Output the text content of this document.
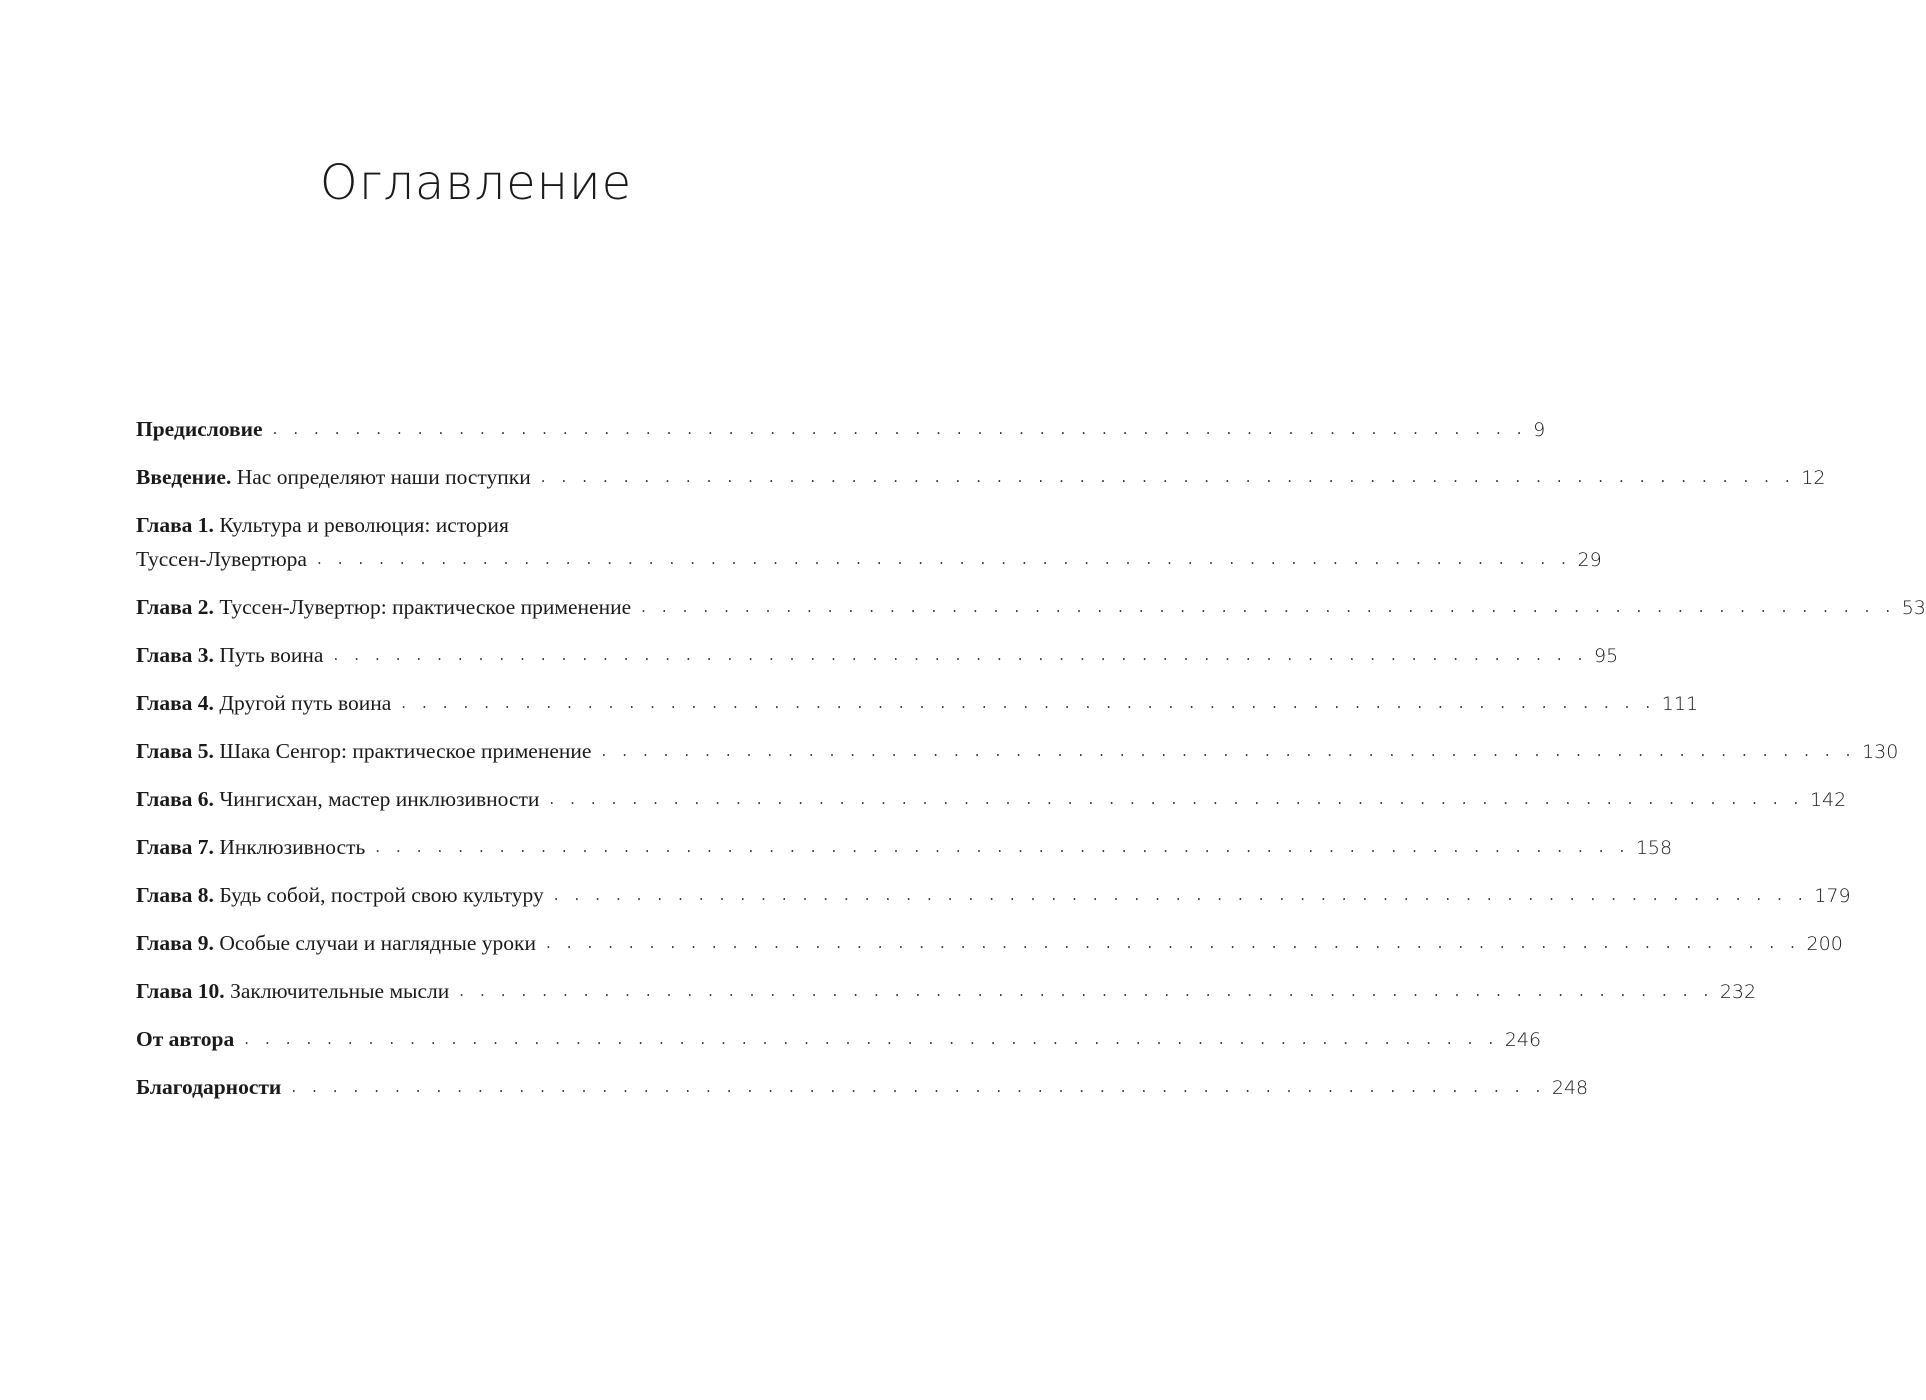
Оглавление
Предисловие . . . . . . . . . . . . . . . . . . . . . . . . . . . . . . . . . . . . . . . . . . . . . . . . . . . . . . . . . . . . . 9
Введение. Нас определяют наши поступки . . . . . . . . . . . . . . . . . . . . . . . . . . . . . . . . . . . . . . . . . . . . . . . . . . . . . . . . . . . . . 12
Глава 1. Культура и революция: история
Туссен-Лувертюра . . . . . . . . . . . . . . . . . . . . . . . . . . . . . . . . . . . . . . . . . . . . . . . . . . . . . . . . . . . . . 29
Глава 2. Туссен-Лувертюр: практическое применение . . . . . . . . . . . . . . . . . . . . . . . . . . . . . . . . . . . . . . . . . . . . . . . . . . . . . . . . . . . . . 53
Глава 3. Путь воина . . . . . . . . . . . . . . . . . . . . . . . . . . . . . . . . . . . . . . . . . . . . . . . . . . . . . . . . . . . . . 95
Глава 4. Другой путь воина . . . . . . . . . . . . . . . . . . . . . . . . . . . . . . . . . . . . . . . . . . . . . . . . . . . . . . . . . . . . . 111
Глава 5. Шака Сенгор: практическое применение . . . . . . . . . . . . . . . . . . . . . . . . . . . . . . . . . . . . . . . . . . . . . . . . . . . . . . . . . . . . . 130
Глава 6. Чингисхан, мастер инклюзивности . . . . . . . . . . . . . . . . . . . . . . . . . . . . . . . . . . . . . . . . . . . . . . . . . . . . . . . . . . . . . 142
Глава 7. Инклюзивность . . . . . . . . . . . . . . . . . . . . . . . . . . . . . . . . . . . . . . . . . . . . . . . . . . . . . . . . . . . . . 158
Глава 8. Будь собой, построй свою культуру . . . . . . . . . . . . . . . . . . . . . . . . . . . . . . . . . . . . . . . . . . . . . . . . . . . . . . . . . . . . . 179
Глава 9. Особые случаи и наглядные уроки . . . . . . . . . . . . . . . . . . . . . . . . . . . . . . . . . . . . . . . . . . . . . . . . . . . . . . . . . . . . . 200
Глава 10. Заключительные мысли . . . . . . . . . . . . . . . . . . . . . . . . . . . . . . . . . . . . . . . . . . . . . . . . . . . . . . . . . . . . . 232
От автора . . . . . . . . . . . . . . . . . . . . . . . . . . . . . . . . . . . . . . . . . . . . . . . . . . . . . . . . . . . . . 246
Благодарности . . . . . . . . . . . . . . . . . . . . . . . . . . . . . . . . . . . . . . . . . . . . . . . . . . . . . . . . . . . . . 248
